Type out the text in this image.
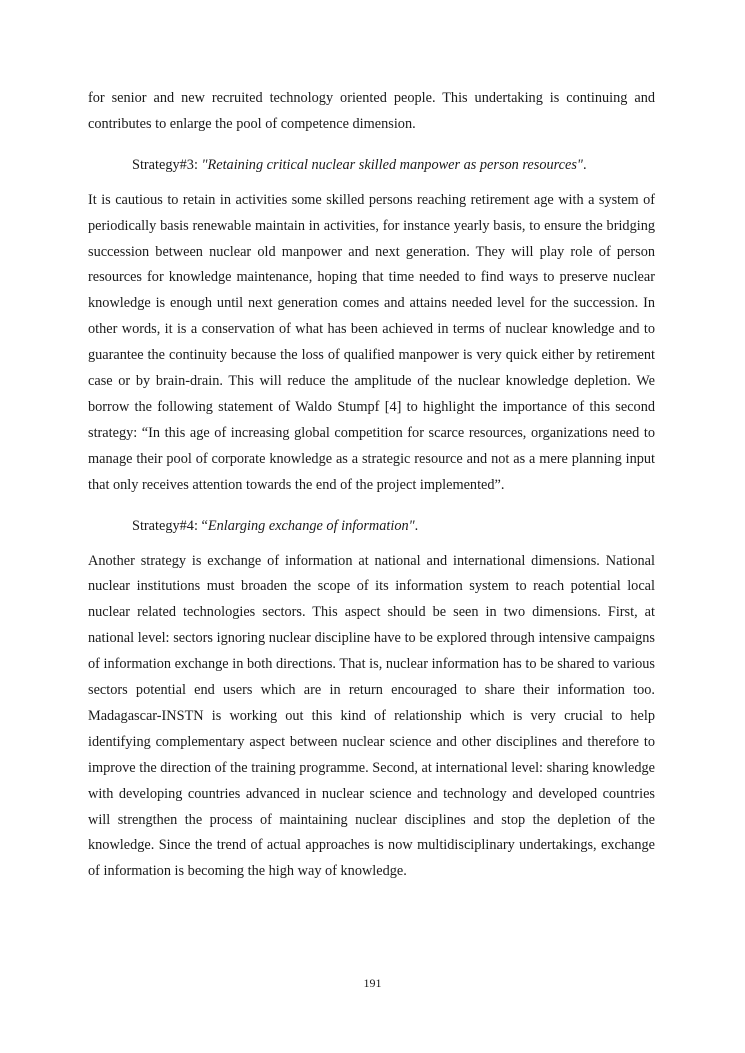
for senior and new recruited technology oriented people. This undertaking is continuing and contributes to enlarge the pool of competence dimension.

Strategy#3: "Retaining critical nuclear skilled manpower as person resources".

It is cautious to retain in activities some skilled persons reaching retirement age with a system of periodically basis renewable maintain in activities, for instance yearly basis, to ensure the bridging succession between nuclear old manpower and next generation. They will play role of person resources for knowledge maintenance, hoping that time needed to find ways to preserve nuclear knowledge is enough until next generation comes and attains needed level for the succession. In other words, it is a conservation of what has been achieved in terms of nuclear knowledge and to guarantee the continuity because the loss of qualified manpower is very quick either by retirement case or by brain-drain. This will reduce the amplitude of the nuclear knowledge depletion. We borrow the following statement of Waldo Stumpf [4] to highlight the importance of this second strategy: “In this age of increasing global competition for scarce resources, organizations need to manage their pool of corporate knowledge as a strategic resource and not as a mere planning input that only receives attention towards the end of the project implemented”.

Strategy#4: “Enlarging exchange of information".

Another strategy is exchange of information at national and international dimensions. National nuclear institutions must broaden the scope of its information system to reach potential local nuclear related technologies sectors. This aspect should be seen in two dimensions. First, at national level: sectors ignoring nuclear discipline have to be explored through intensive campaigns of information exchange in both directions. That is, nuclear information has to be shared to various sectors potential end users which are in return encouraged to share their information too. Madagascar-INSTN is working out this kind of relationship which is very crucial to help identifying complementary aspect between nuclear science and other disciplines and therefore to improve the direction of the training programme. Second, at international level: sharing knowledge with developing countries advanced in nuclear science and technology and developed countries will strengthen the process of maintaining nuclear disciplines and stop the depletion of the knowledge. Since the trend of actual approaches is now multidisciplinary undertakings, exchange of information is becoming the high way of knowledge.

191
